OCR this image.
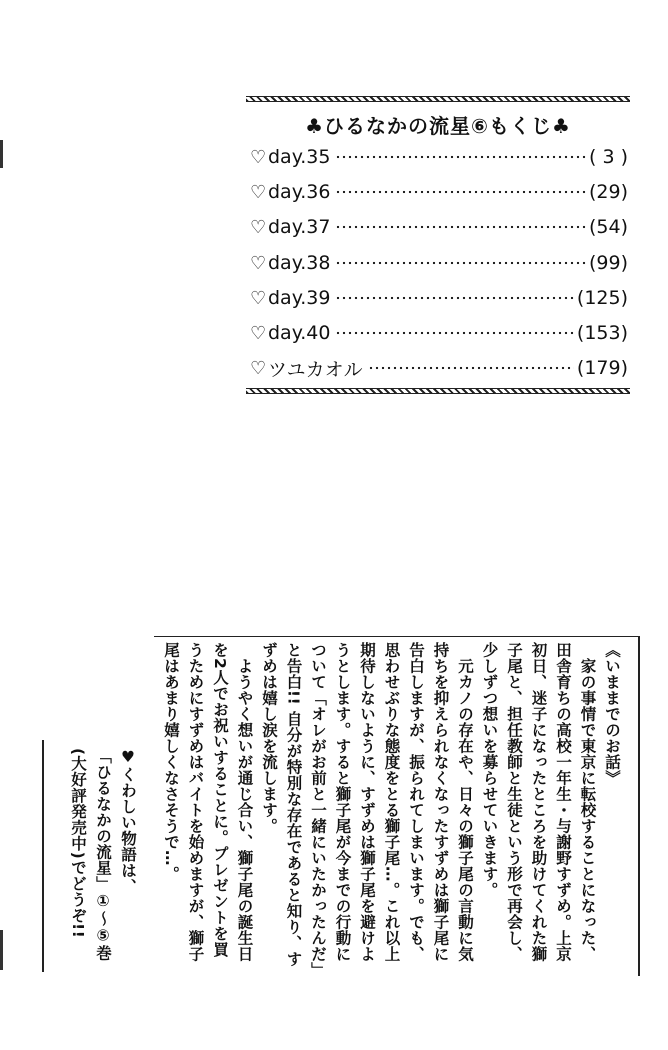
♣ひるなかの流星⑥もくじ♣
♡ day.35	( 3 )
♡ day.36	(29)
♡ day.37	(54)
♡ day.38	(99)
♡ day.39	(125)
♡ day.40	(153)
♡ ツユカオル	(179)

《いままでのお話》

家の事情で東京に転校することになった、田舎育ちの高校一年生・与謝野すずめ。上京初日、迷子になったところを助けてくれた獅子尾と、担任教師と生徒という形で再会し、少しずつ想いを募らせていきます。

元カノの存在や、日々の獅子尾の言動に気持ちを抑えられなくなったすずめは獅子尾に告白しますが、振られてしまいます。でも、思わせぶりな態度をとる獅子尾…。これ以上期待しないように、すずめは獅子尾を避けようとします。すると獅子尾が今までの行動について「オレがお前と一緒にいたかったんだ」と告白!! 自分が特別な存在であると知り、すずめは嬉し涙を流します。

ようやく想いが通じ合い、獅子尾の誕生日を2人でお祝いすることに。プレゼントを買うためにすずめはバイトを始めますが、獅子尾はあまり嬉しくなさそうで…。

♥くわしい物語は、

「ひるなかの流星」①〜⑤巻

(大好評発売中)でどうぞ!!
